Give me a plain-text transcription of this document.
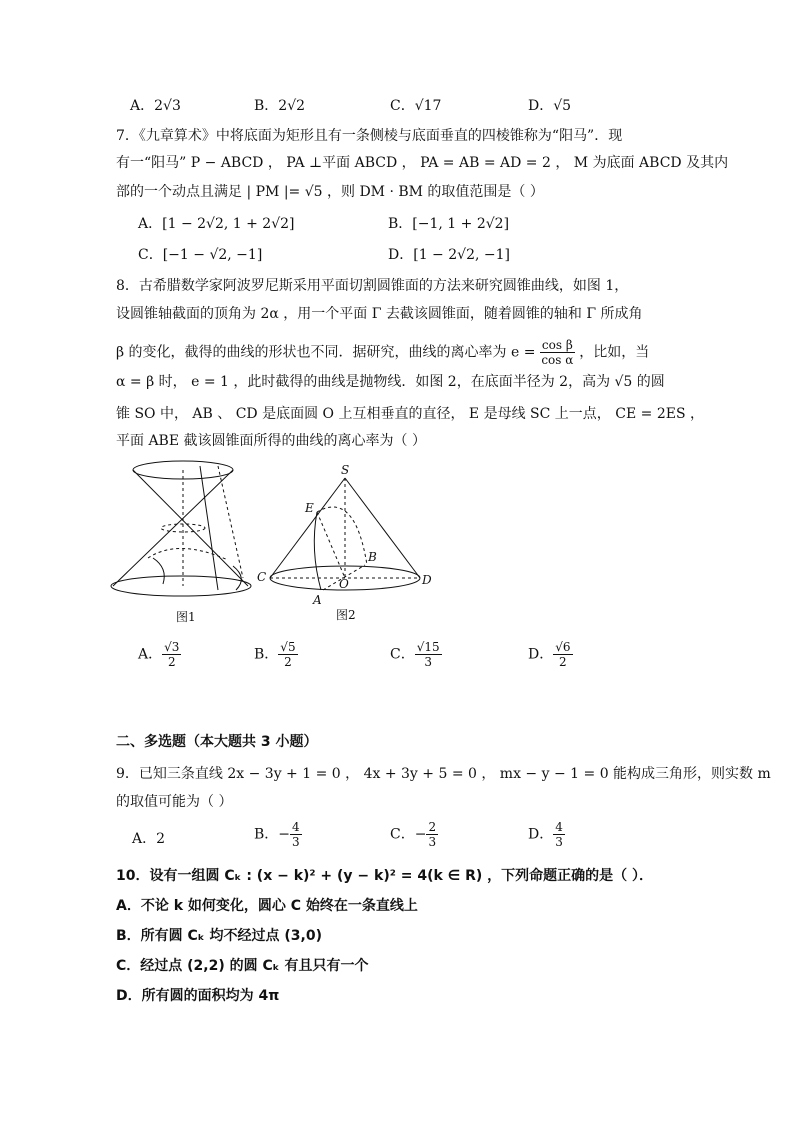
A．2√3	B．2√2	C．√17	D．√5
7．《九章算术》中将底面为矩形且有一条侧棱与底面垂直的四棱锥称为“阳马”．现
有一“阳马” P − ABCD ， PA ⊥平面 ABCD ， PA = AB = AD = 2 ， M 为底面 ABCD 及其内
部的一个动点且满足 | PM |= √5 ，则 DM · BM 的取值范围是（ ）
A．[1 − 2√2, 1 + 2√2]	B．[−1, 1 + 2√2]
C．[−1 − √2, −1]	D．[1 − 2√2, −1]
8．古希腊数学家阿波罗尼斯采用平面切割圆锥面的方法来研究圆锥曲线，如图 1，
设圆锥轴截面的顶角为 2α ，用一个平面 Γ 去截该圆锥面，随着圆锥的轴和 Γ 所成角
β 的变化，截得的曲线的形状也不同．据研究，曲线的离心率为 $e = \frac{\text{cos β}}{\text{cos α}}$ ，比如，当
α = β 时， e = 1 ，此时截得的曲线是抛物线．如图 2，在底面半径为 2，高为 √5 的圆
锥 SO 中， AB 、 CD 是底面圆 O 上互相垂直的直径， E 是母线 SC 上一点， CE = 2ES ，
平面 ABE 截该圆锥面所得的曲线的离心率为（ ）
图1
S
E
B
C	O	D
A
图2
A． $\frac{√3}{2}$	B． $\frac{√5}{2}$	C． $\frac{√15}{3}$	D． $\frac{√6}{2}$
二、多选题（本大题共 3 小题）
9．已知三条直线 2x − 3y + 1 = 0 ， 4x + 3y + 5 = 0 ， mx − y − 1 = 0 能构成三角形，则实数 m
的取值可能为（ ）
A．2	B．− $\frac{4}{3}$	C．− $\frac{2}{3}$	D． $\frac{4}{3}$
10．设有一组圆 Cₖ : (x − k)² + (y − k)² = 4(k ∈ R) ，下列命题正确的是（ ）．
A．不论 k 如何变化，圆心 C 始终在一条直线上
B．所有圆 Cₖ 均不经过点 (3,0)
C．经过点 (2,2) 的圆 Cₖ 有且只有一个
D．所有圆的面积均为 4π
